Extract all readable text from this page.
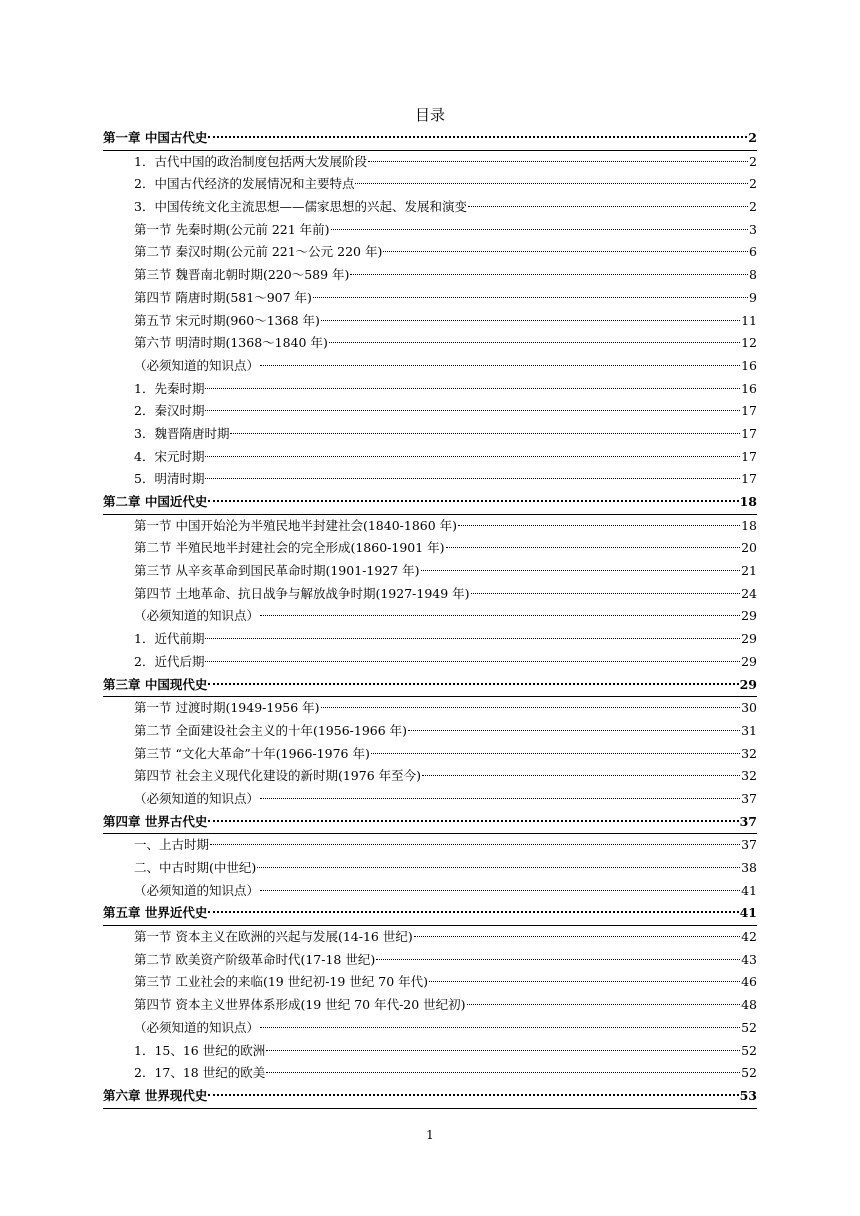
目录
第一章 中国古代史	2
1．古代中国的政治制度包括两大发展阶段	2
2．中国古代经济的发展情况和主要特点	2
3．中国传统文化主流思想——儒家思想的兴起、发展和演变	2
第一节 先秦时期(公元前 221 年前)	3
第二节 秦汉时期(公元前 221～公元 220 年)	6
第三节 魏晋南北朝时期(220～589 年)	8
第四节 隋唐时期(581～907 年)	9
第五节 宋元时期(960～1368 年)	11
第六节 明清时期(1368～1840 年)	12
（必须知道的知识点）	16
1．先秦时期	16
2．秦汉时期	17
3．魏晋隋唐时期	17
4．宋元时期	17
5．明清时期	17
第二章 中国近代史	18
第一节 中国开始沦为半殖民地半封建社会(1840-1860 年)	18
第二节 半殖民地半封建社会的完全形成(1860-1901 年)	20
第三节 从辛亥革命到国民革命时期(1901-1927 年)	21
第四节 土地革命、抗日战争与解放战争时期(1927-1949 年)	24
（必须知道的知识点）	29
1．近代前期	29
2．近代后期	29
第三章 中国现代史	29
第一节 过渡时期(1949-1956 年)	30
第二节 全面建设社会主义的十年(1956-1966 年)	31
第三节 “文化大革命”十年(1966-1976 年)	32
第四节 社会主义现代化建设的新时期(1976 年至今)	32
（必须知道的知识点）	37
第四章 世界古代史	37
一、上古时期	37
二、中古时期(中世纪)	38
（必须知道的知识点）	41
第五章 世界近代史	41
第一节 资本主义在欧洲的兴起与发展(14-16 世纪)	42
第二节 欧美资产阶级革命时代(17-18 世纪)	43
第三节 工业社会的来临(19 世纪初-19 世纪 70 年代)	46
第四节 资本主义世界体系形成(19 世纪 70 年代-20 世纪初)	48
（必须知道的知识点）	52
1．15、16 世纪的欧洲	52
2．17、18 世纪的欧美	52
第六章 世界现代史	53
1
